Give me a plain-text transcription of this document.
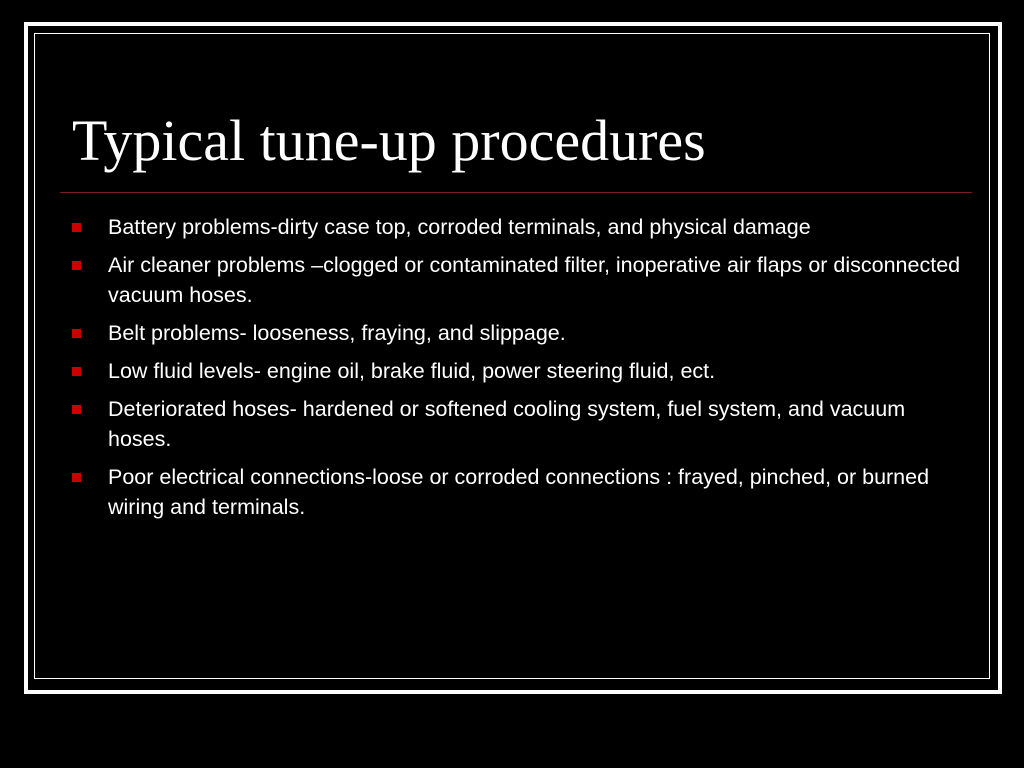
Typical tune-up procedures
Battery problems-dirty case top, corroded terminals, and physical damage
Air cleaner problems –clogged or contaminated filter, inoperative air flaps or disconnected vacuum hoses.
Belt problems- looseness, fraying, and slippage.
Low fluid levels- engine oil, brake fluid, power steering fluid, ect.
Deteriorated hoses- hardened or softened cooling system, fuel system, and vacuum hoses.
Poor electrical connections-loose or corroded connections : frayed, pinched, or burned wiring and terminals.
